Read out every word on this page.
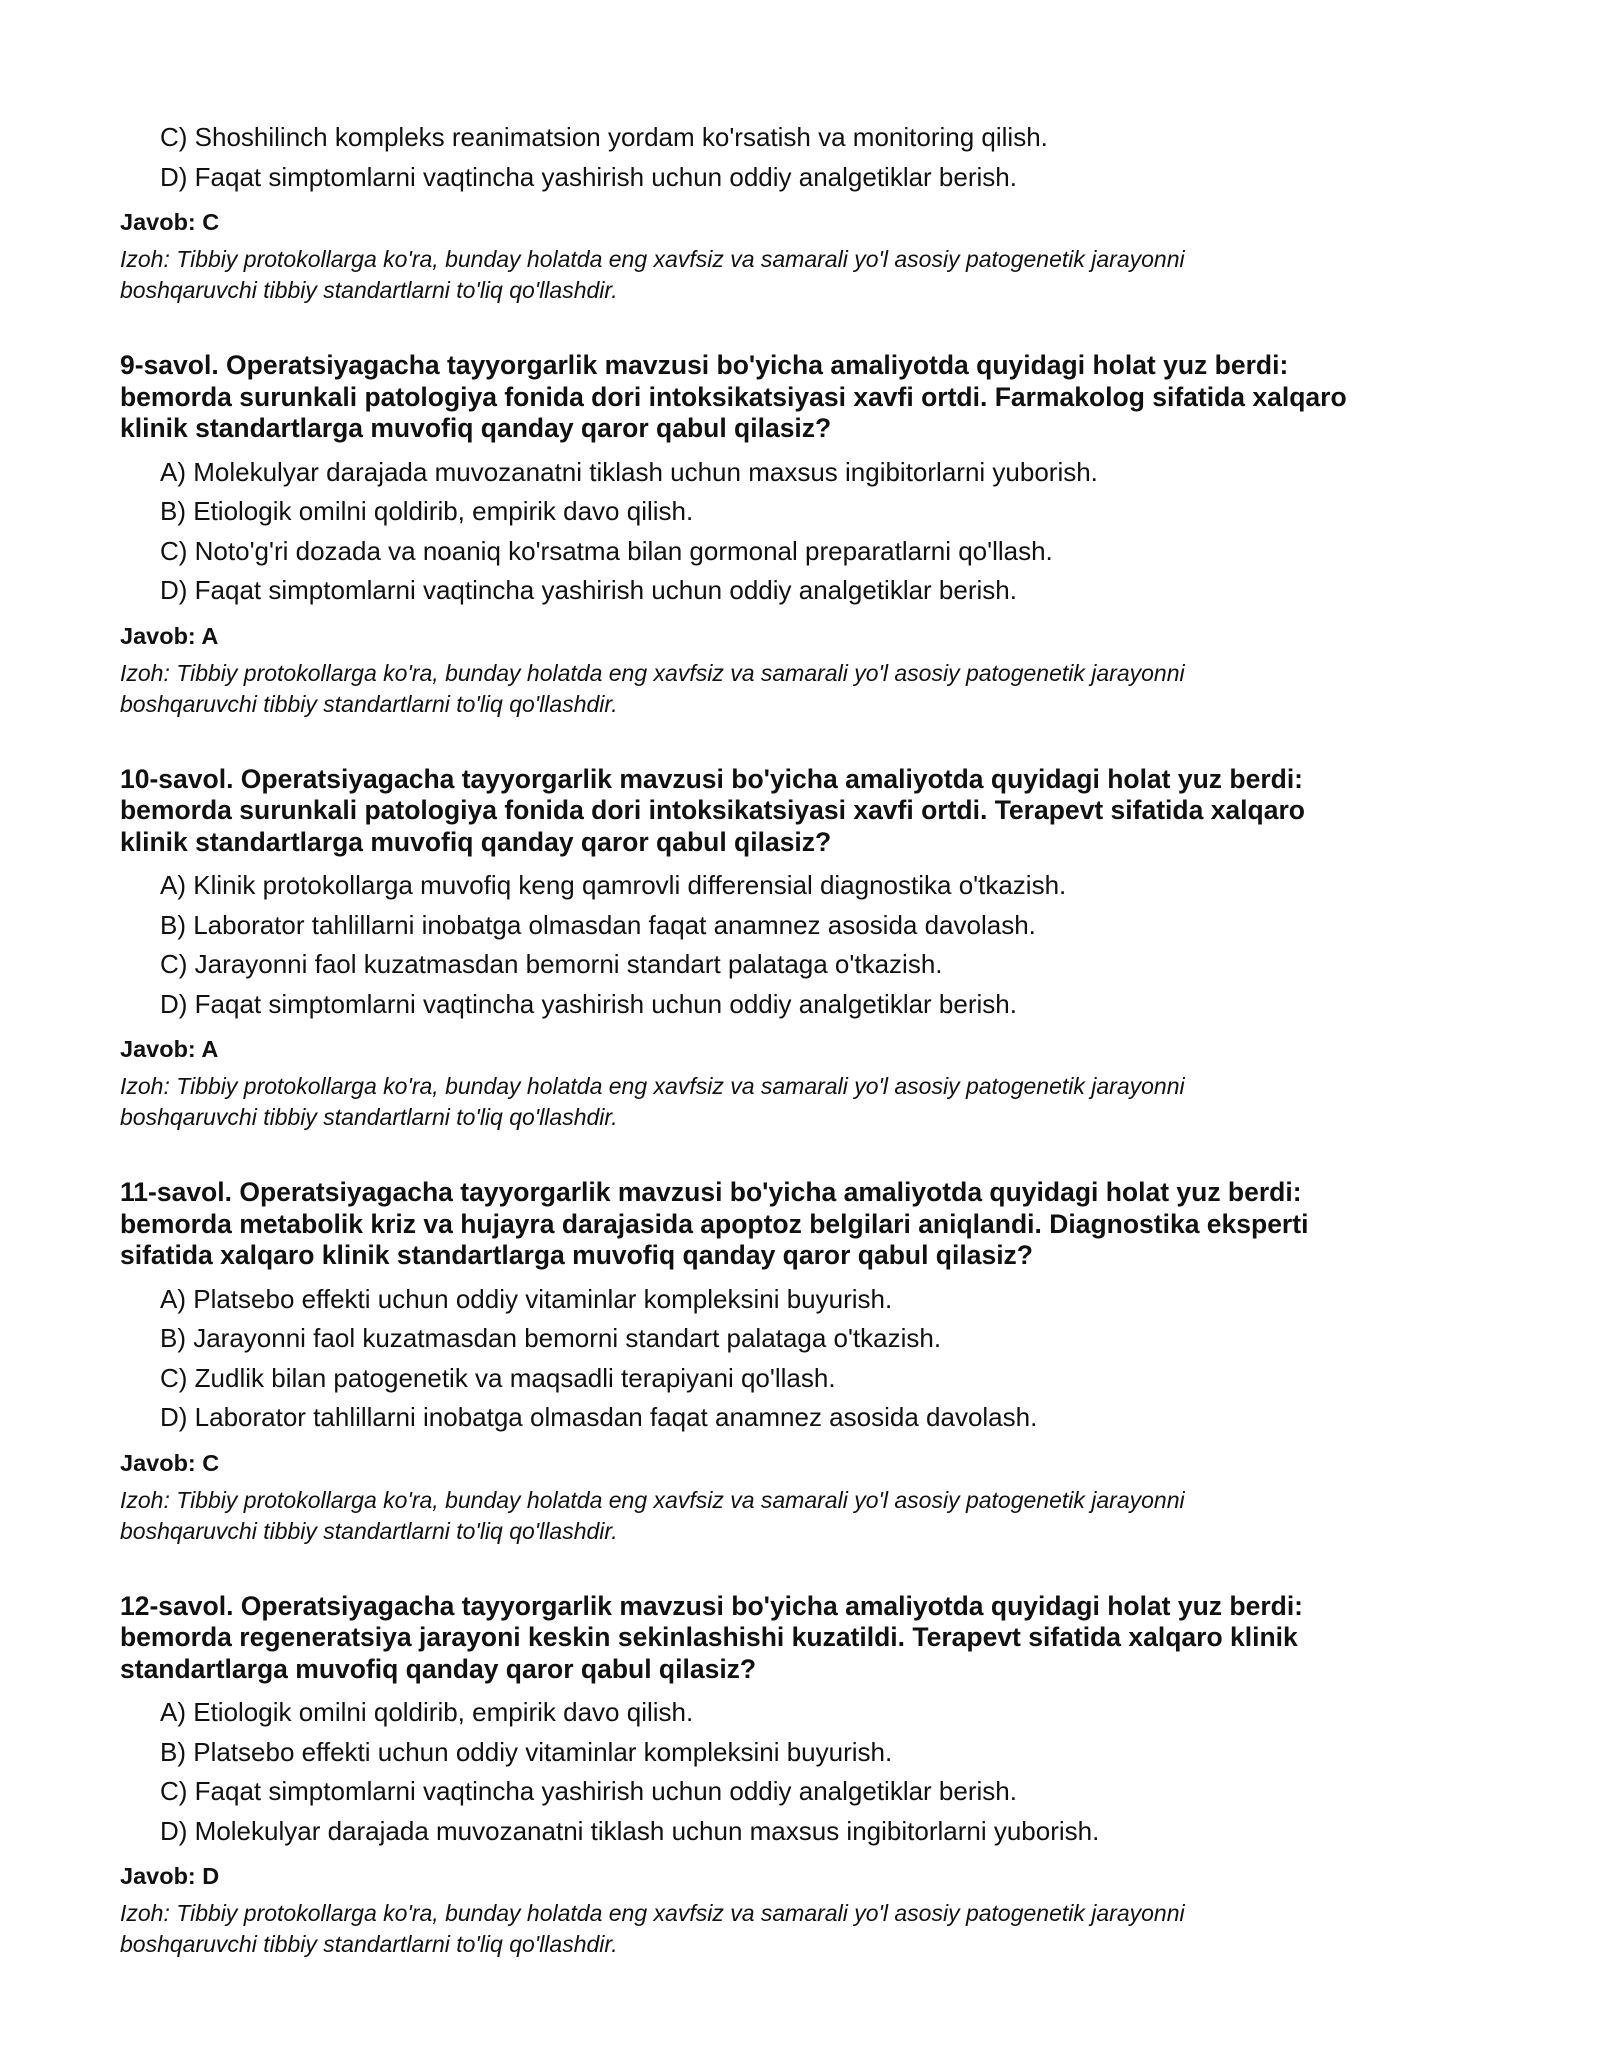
C) Shoshilinch kompleks reanimatsion yordam ko'rsatish va monitoring qilish.
D) Faqat simptomlarni vaqtincha yashirish uchun oddiy analgetiklar berish.
Javob: C
Izoh: Tibbiy protokollarga ko'ra, bunday holatda eng xavfsiz va samarali yo'l asosiy patogenetik jarayonni
boshqaruvchi tibbiy standartlarni to'liq qo'llashdir.
9-savol. Operatsiyagacha tayyorgarlik mavzusi bo'yicha amaliyotda quyidagi holat yuz berdi:
bemorda surunkali patologiya fonida dori intoksikatsiyasi xavfi ortdi. Farmakolog sifatida xalqaro
klinik standartlarga muvofiq qanday qaror qabul qilasiz?
A) Molekulyar darajada muvozanatni tiklash uchun maxsus ingibitorlarni yuborish.
B) Etiologik omilni qoldirib, empirik davo qilish.
C) Noto'g'ri dozada va noaniq ko'rsatma bilan gormonal preparatlarni qo'llash.
D) Faqat simptomlarni vaqtincha yashirish uchun oddiy analgetiklar berish.
Javob: A
Izoh: Tibbiy protokollarga ko'ra, bunday holatda eng xavfsiz va samarali yo'l asosiy patogenetik jarayonni
boshqaruvchi tibbiy standartlarni to'liq qo'llashdir.
10-savol. Operatsiyagacha tayyorgarlik mavzusi bo'yicha amaliyotda quyidagi holat yuz berdi:
bemorda surunkali patologiya fonida dori intoksikatsiyasi xavfi ortdi. Terapevt sifatida xalqaro
klinik standartlarga muvofiq qanday qaror qabul qilasiz?
A) Klinik protokollarga muvofiq keng qamrovli differensial diagnostika o'tkazish.
B) Laborator tahlillarni inobatga olmasdan faqat anamnez asosida davolash.
C) Jarayonni faol kuzatmasdan bemorni standart palataga o'tkazish.
D) Faqat simptomlarni vaqtincha yashirish uchun oddiy analgetiklar berish.
Javob: A
Izoh: Tibbiy protokollarga ko'ra, bunday holatda eng xavfsiz va samarali yo'l asosiy patogenetik jarayonni
boshqaruvchi tibbiy standartlarni to'liq qo'llashdir.
11-savol. Operatsiyagacha tayyorgarlik mavzusi bo'yicha amaliyotda quyidagi holat yuz berdi:
bemorda metabolik kriz va hujayra darajasida apoptoz belgilari aniqlandi. Diagnostika eksperti
sifatida xalqaro klinik standartlarga muvofiq qanday qaror qabul qilasiz?
A) Platsebo effekti uchun oddiy vitaminlar kompleksini buyurish.
B) Jarayonni faol kuzatmasdan bemorni standart palataga o'tkazish.
C) Zudlik bilan patogenetik va maqsadli terapiyani qo'llash.
D) Laborator tahlillarni inobatga olmasdan faqat anamnez asosida davolash.
Javob: C
Izoh: Tibbiy protokollarga ko'ra, bunday holatda eng xavfsiz va samarali yo'l asosiy patogenetik jarayonni
boshqaruvchi tibbiy standartlarni to'liq qo'llashdir.
12-savol. Operatsiyagacha tayyorgarlik mavzusi bo'yicha amaliyotda quyidagi holat yuz berdi:
bemorda regeneratsiya jarayoni keskin sekinlashishi kuzatildi. Terapevt sifatida xalqaro klinik
standartlarga muvofiq qanday qaror qabul qilasiz?
A) Etiologik omilni qoldirib, empirik davo qilish.
B) Platsebo effekti uchun oddiy vitaminlar kompleksini buyurish.
C) Faqat simptomlarni vaqtincha yashirish uchun oddiy analgetiklar berish.
D) Molekulyar darajada muvozanatni tiklash uchun maxsus ingibitorlarni yuborish.
Javob: D
Izoh: Tibbiy protokollarga ko'ra, bunday holatda eng xavfsiz va samarali yo'l asosiy patogenetik jarayonni
boshqaruvchi tibbiy standartlarni to'liq qo'llashdir.
